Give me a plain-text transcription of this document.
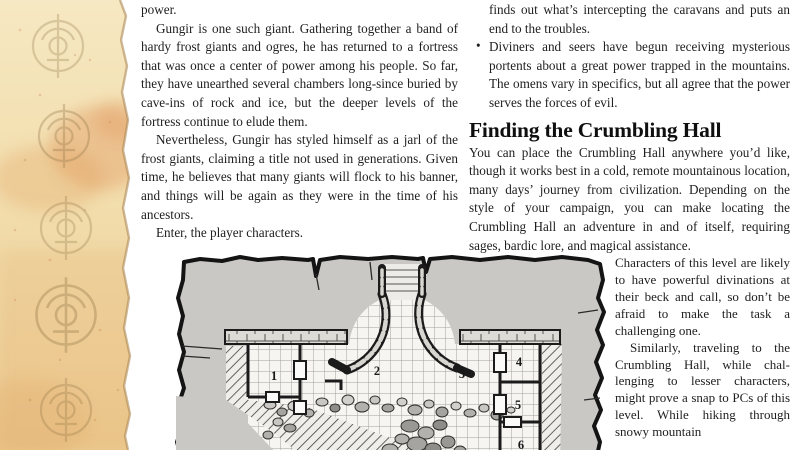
power.

Gungir is one such giant. Gathering together a band of hardy frost giants and ogres, he has returned to a fortress that was once a center of power among his people. So far, they have unearthed several chambers long-since buried by cave-ins of rock and ice, but the deeper levels of the fortress continue to elude them.

Nevertheless, Gungir has styled himself as a jarl of the frost giants, claiming a title not used in generations. Given time, he believes that many giants will flock to his banner, and things will be again as they were in the time of his ancestors.

Enter, the player characters.

finds out what’s intercepting the caravans and puts an end to the troubles.

• Diviners and seers have begun receiving mysterious portents about a great power trapped in the mountains. The omens vary in specifics, but all agree that the power serves the forces of evil.

Finding the Crumbling Hall

You can place the Crumbling Hall anywhere you’d like, though it works best in a cold, remote mountainous location, many days’ journey from civilization. Depending on the style of your campaign, you can make locating the Crumbling Hall an adventure in and of itself, requiring sages, bardic lore, and magical assistance.

Characters of this level are likely to have powerful divinations at their beck and call, so don’t be afraid to make the task a challenging one.

Similarly, traveling to the Crumbling Hall, while challenging to lesser characters, might prove a snap to PCs of this level. While hiking through snowy mountain

1	2	3
4
5
6
